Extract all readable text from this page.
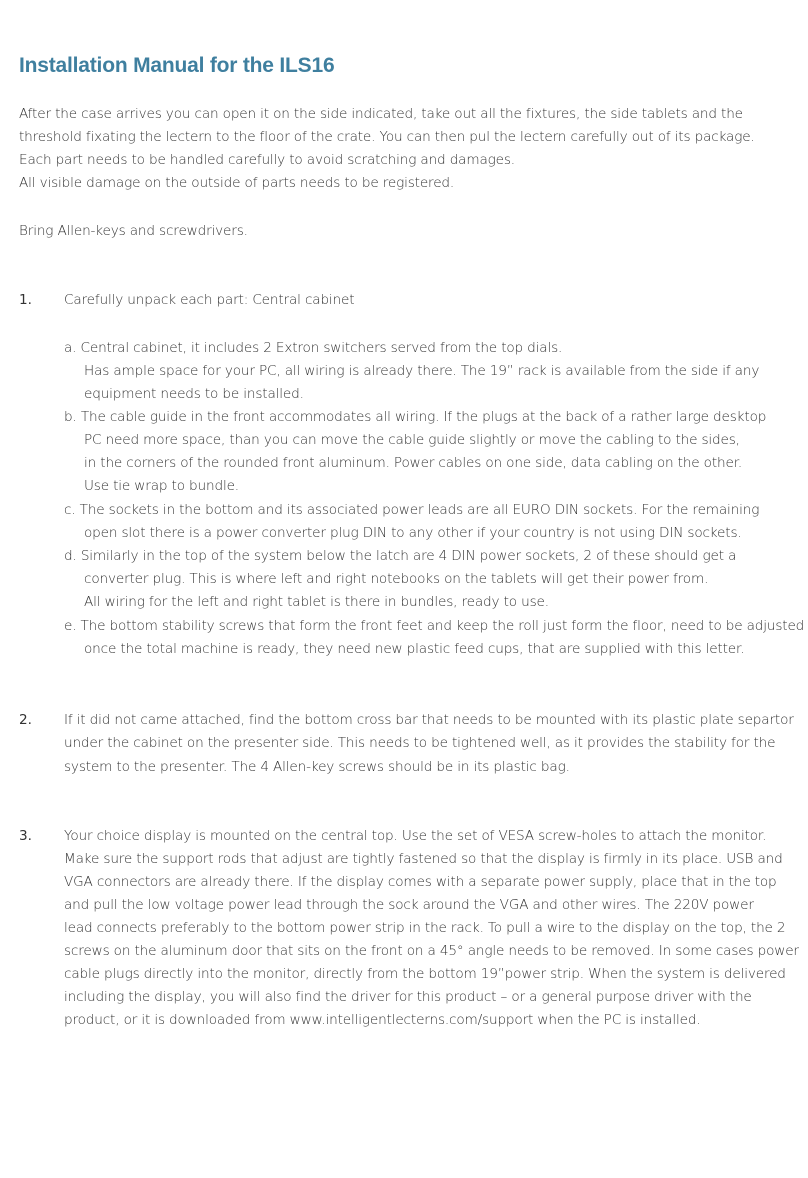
Installation Manual for the ILS16
After the case arrives you can open it on the side indicated, take out all the fixtures, the side tablets and the
threshold fixating the lectern to the floor of the crate. You can then pul the lectern carefully out of its package.
Each part needs to be handled carefully to avoid scratching and damages.
All visible damage on the outside of parts needs to be registered.
Bring Allen-keys and screwdrivers.
1. Carefully unpack each part: Central cabinet
a. Central cabinet, it includes 2 Extron switchers served from the top dials.
Has ample space for your PC, all wiring is already there. The 19” rack is available from the side if any
equipment needs to be installed.
b. The cable guide in the front accommodates all wiring. If the plugs at the back of a rather large desktop
PC need more space, than you can move the cable guide slightly or move the cabling to the sides,
in the corners of the rounded front aluminum. Power cables on one side, data cabling on the other.
Use tie wrap to bundle.
c. The sockets in the bottom and its associated power leads are all EURO DIN sockets. For the remaining
open slot there is a power converter plug DIN to any other if your country is not using DIN sockets.
d. Similarly in the top of the system below the latch are 4 DIN power sockets, 2 of these should get a
converter plug. This is where left and right notebooks on the tablets will get their power from.
All wiring for the left and right tablet is there in bundles, ready to use.
e. The bottom stability screws that form the front feet and keep the roll just form the floor, need to be adjusted
once the total machine is ready, they need new plastic feed cups, that are supplied with this letter.
2. If it did not came attached, find the bottom cross bar that needs to be mounted with its plastic plate separtor
under the cabinet on the presenter side. This needs to be tightened well, as it provides the stability for the
system to the presenter. The 4 Allen-key screws should be in its plastic bag.
3. Your choice display is mounted on the central top. Use the set of VESA screw-holes to attach the monitor.
Make sure the support rods that adjust are tightly fastened so that the display is firmly in its place. USB and
VGA connectors are already there. If the display comes with a separate power supply, place that in the top
and pull the low voltage power lead through the sock around the VGA and other wires. The 220V power
lead connects preferably to the bottom power strip in the rack. To pull a wire to the display on the top, the 2
screws on the aluminum door that sits on the front on a 45° angle needs to be removed. In some cases power
cable plugs directly into the monitor, directly from the bottom 19”power strip. When the system is delivered
including the display, you will also find the driver for this product – or a general purpose driver with the
product, or it is downloaded from www.intelligentlecterns.com/support when the PC is installed.
